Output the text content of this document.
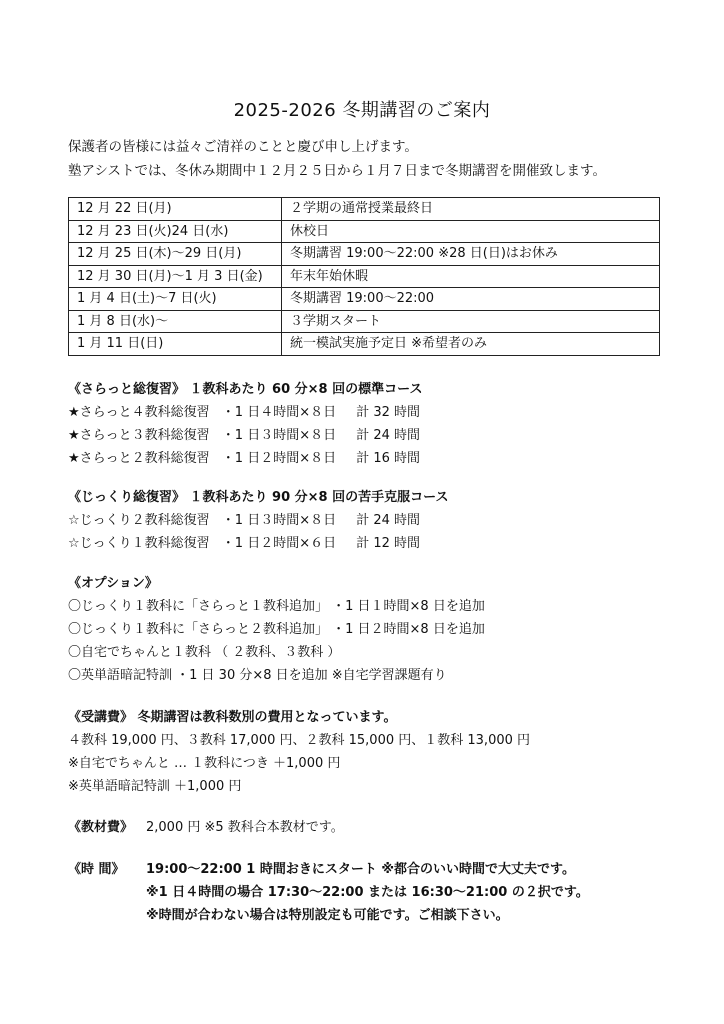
2025-2026 冬期講習のご案内
保護者の皆様には益々ご清祥のことと慶び申し上げます。
塾アシストでは、冬休み期間中１２月２５日から１月７日まで冬期講習を開催致します。
12 月 22 日(月)	２学期の通常授業最終日
12 月 23 日(火)24 日(水)	休校日
12 月 25 日(木)～29 日(月)	冬期講習 19:00～22:00 ※28 日(日)はお休み
12 月 30 日(月)～1 月 3 日(金)	年末年始休暇
1 月 4 日(土)～7 日(火)	冬期講習 19:00～22:00
1 月 8 日(水)～	３学期スタート
1 月 11 日(日)	統一模試実施予定日 ※希望者のみ
《さらっと総復習》 １教科あたり 60 分×8 回の標準コース
★さらっと４教科総復習 ・1 日４時間×８日 計 32 時間
★さらっと３教科総復習 ・1 日３時間×８日 計 24 時間
★さらっと２教科総復習 ・1 日２時間×８日 計 16 時間
《じっくり総復習》 １教科あたり 90 分×8 回の苦手克服コース
☆じっくり２教科総復習 ・1 日３時間×８日 計 24 時間
☆じっくり１教科総復習 ・1 日２時間×６日 計 12 時間
《オプション》
〇じっくり１教科に「さらっと１教科追加」 ・1 日１時間×8 日を追加
〇じっくり１教科に「さらっと２教科追加」 ・1 日２時間×8 日を追加
〇自宅でちゃんと１教科 （ ２教科、３教科 ）
〇英単語暗記特訓 ・1 日 30 分×8 日を追加 ※自宅学習課題有り
《受講費》 冬期講習は教科数別の費用となっています。
４教科 19,000 円、３教科 17,000 円、２教科 15,000 円、１教科 13,000 円
※自宅でちゃんと … １教科につき ＋1,000 円
※英単語暗記特訓 ＋1,000 円
《教材費》 2,000 円 ※5 教科合本教材です。
《時 間》 19:00～22:00 1 時間おきにスタート ※都合のいい時間で大丈夫です。
※1 日４時間の場合 17:30～22:00 または 16:30～21:00 の２択です。
※時間が合わない場合は特別設定も可能です。ご相談下さい。
